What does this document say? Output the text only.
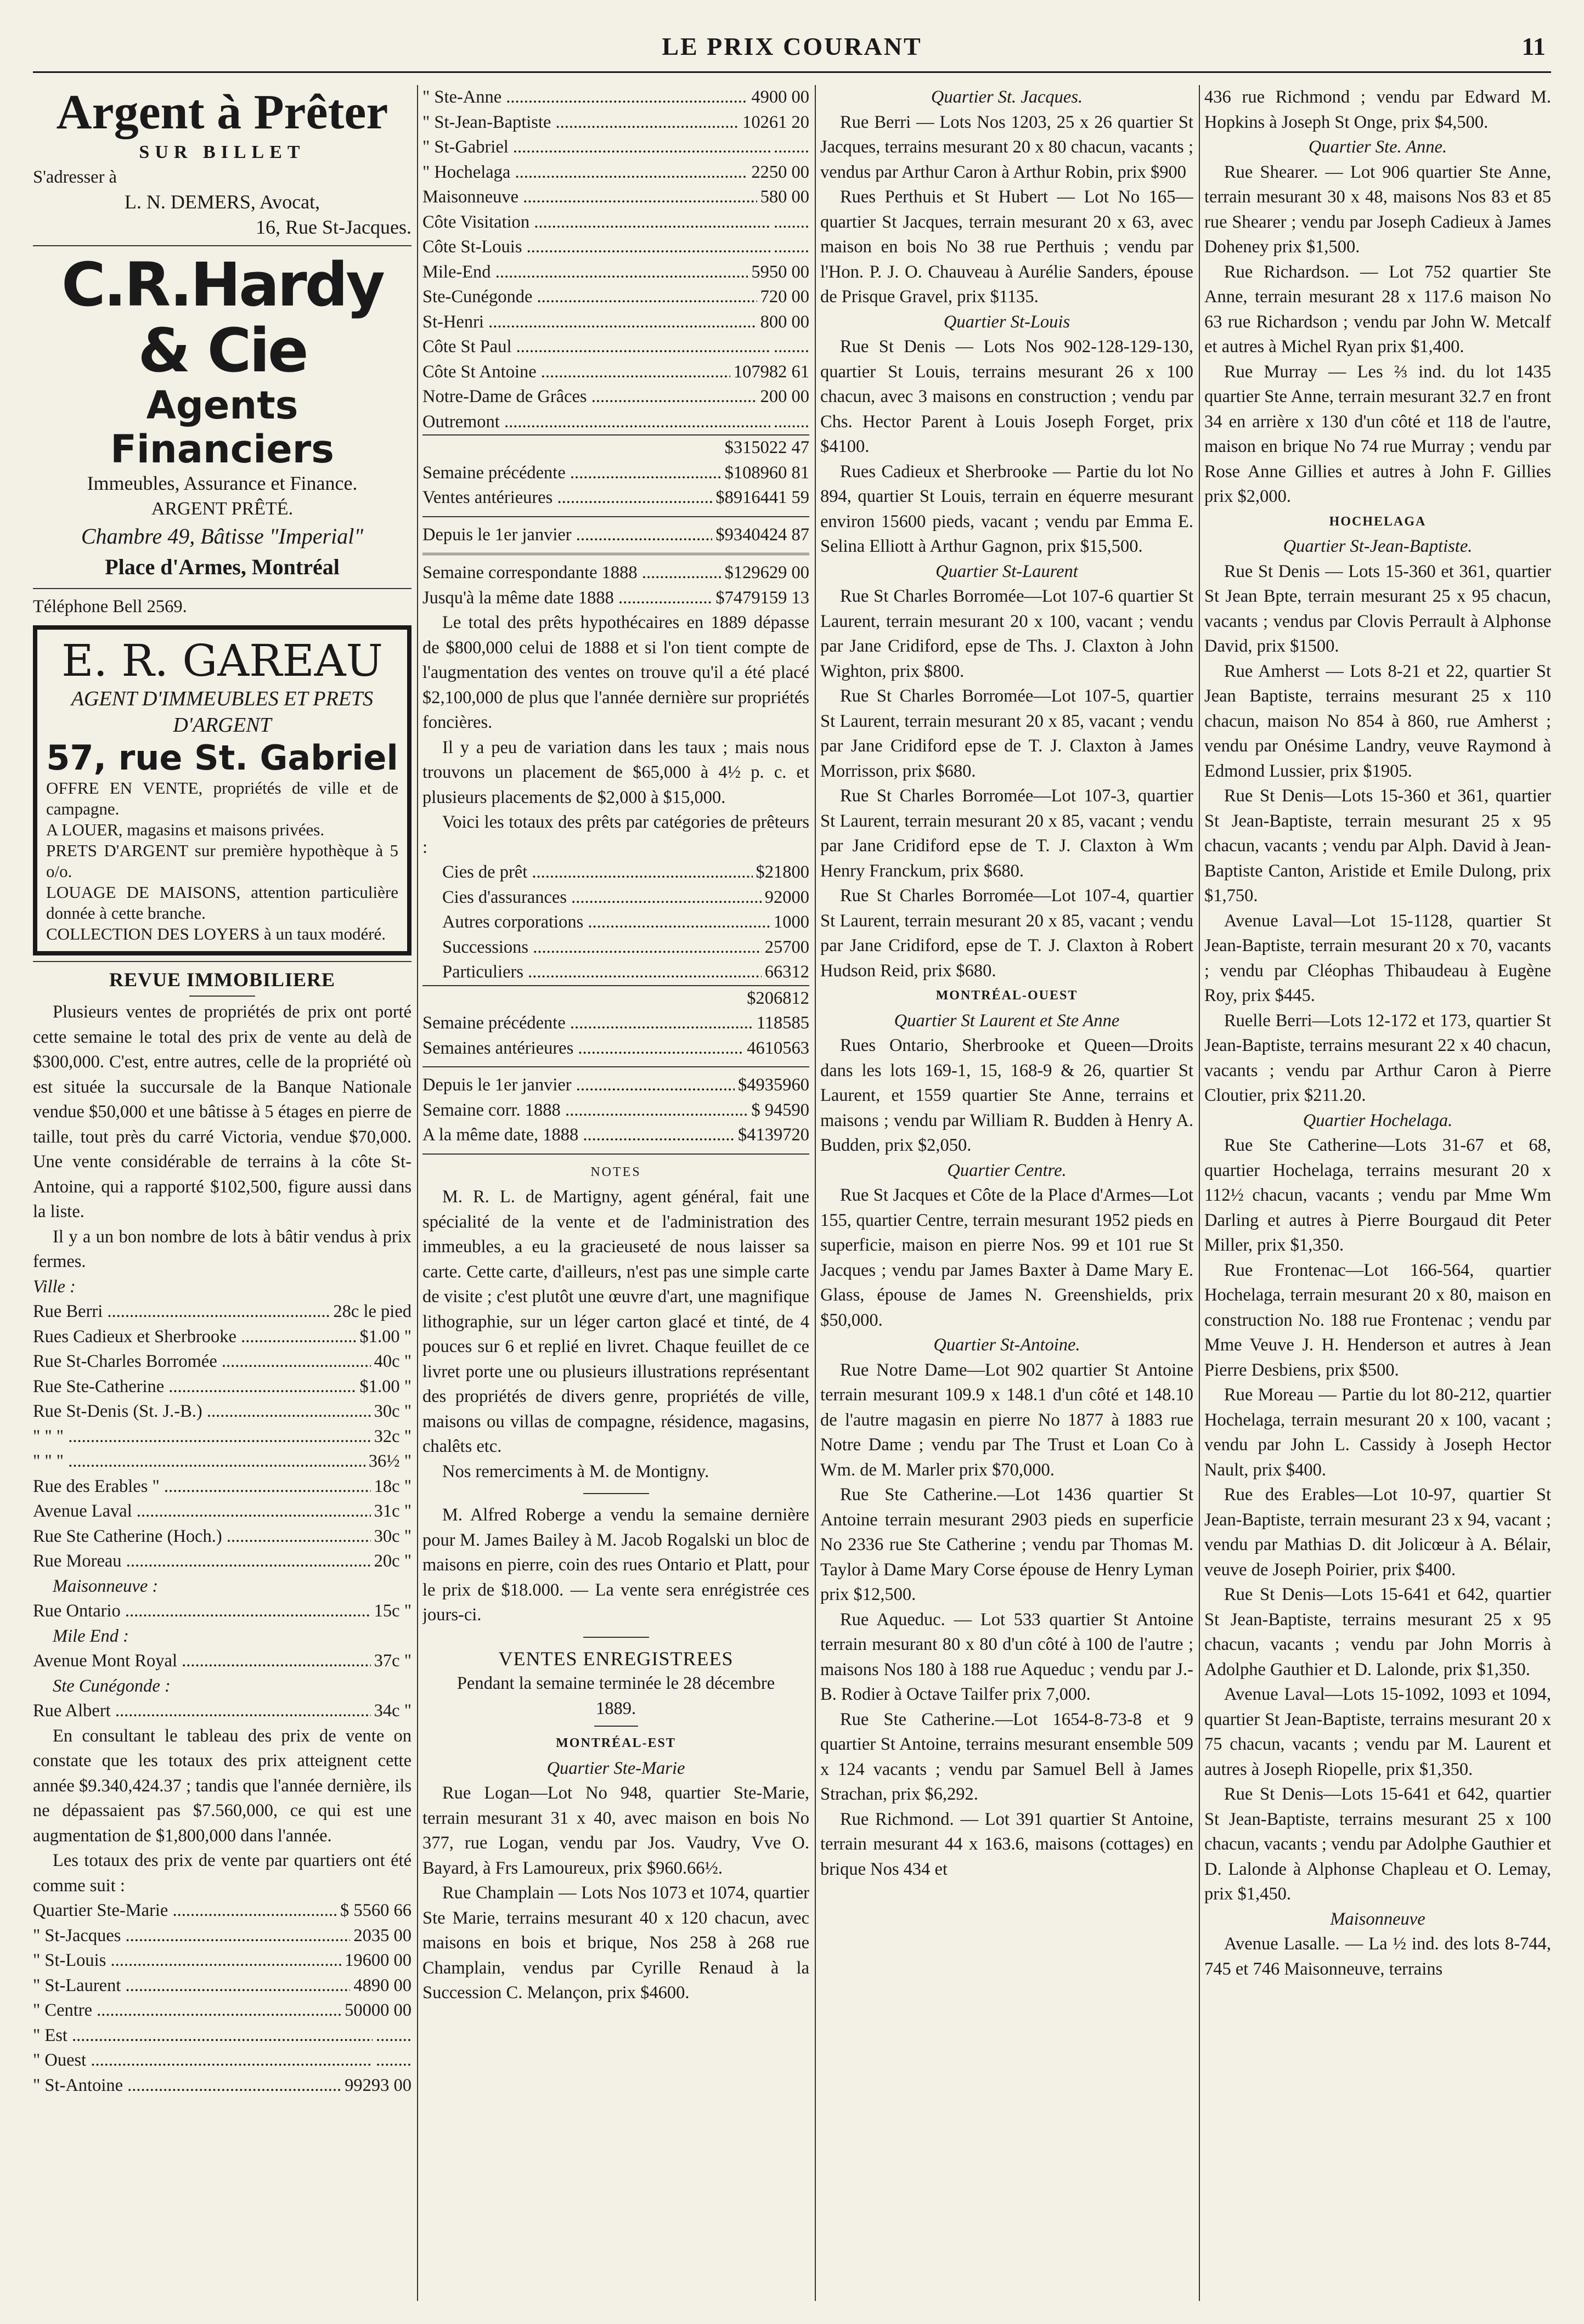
LE PRIX COURANT	11
Argent à Prêter
SUR BILLET
S'adresser à
L. N. DEMERS, Avocat,
16, Rue St-Jacques.
C.R.Hardy & Cie
Agents Financiers
Immeubles, Assurance et Finance.
ARGENT PRÊTÉ.
Chambre 49, Bâtisse "Imperial"
Place d'Armes, Montréal
Téléphone Bell 2569.
E. R. GAREAU
AGENT D'IMMEUBLES ET PRETS D'ARGENT
57, rue St. Gabriel
OFFRE EN VENTE, propriétés de ville et de campagne.
A LOUER, magasins et maisons privées.
PRETS D'ARGENT sur première hypothèque à 5 o/o.
LOUAGE DE MAISONS, attention particulière donnée à cette branche.
COLLECTION DES LOYERS à un taux modéré.
REVUE IMMOBILIERE

Plusieurs ventes de propriétés de prix ont porté cette semaine le total des prix de vente au delà de $300,000. C'est, entre autres, celle de la propriété où est située la succursale de la Banque Nationale vendue $50,000 et une bâtisse à 5 étages en pierre de taille, tout près du carré Victoria, vendue $70,000. Une vente considérable de terrains à la côte St-Antoine, qui a rapporté $102,500, figure aussi dans la liste.

Il y a un bon nombre de lots à bâtir vendus à prix fermes.

Ville :
Rue Berri .....	28c le pied
Rues Cadieux et Sherbrooke .....	$1.00 "
Rue St-Charles Borromée .....	40c "
Rue Ste-Catherine .....	$1.00 "
Rue St-Denis (St. J.-B.) .....	30c "
" " " .....	32c "
" " " .....	36½ "
Rue des Erables " .....	18c "
Avenue Laval .....	31c "
Rue Ste Catherine (Hoch.) .....	30c "
Rue Moreau .....	20c "
Maisonneuve :
Rue Ontario .....	15c "
Mile End :
Avenue Mont Royal .....	37c "
Ste Cunégonde :
Rue Albert .....	34c "

En consultant le tableau des prix de vente on constate que les totaux des prix atteignent cette année $9.340,424.37 ; tandis que l'année dernière, ils ne dépassaient pas $7.560,000, ce qui est une augmentation de $1,800,000 dans l'année.

Les totaux des prix de vente par quartiers ont été comme suit :

Quartier Ste-Marie .....	$ 5560 66
" St-Jacques .....	2035 00
" St-Louis .....	19600 00
" St-Laurent .....	4890 00
" Centre .....	50000 00
" Est .....	........
" Ouest .....	........
" St-Antoine .....	99293 00
" Ste-Anne .....	4900 00
" St-Jean-Baptiste .....	10261 20
" St-Gabriel .....	........
" Hochelaga .....	2250 00
Maisonneuve .....	580 00
Côte Visitation .....	........
Côte St-Louis .....	........
Mile-End .....	5950 00
Ste-Cunégonde .....	720 00
St-Henri .....	800 00
Côte St Paul .....	........
Côte St Antoine .....	107982 61
Notre-Dame de Grâces .....	200 00
Outremont .....	........
$315022 47
Semaine précédente .....	$108960 81
Ventes antérieures .....	$8916441 59
Depuis le 1er janvier .....	$9340424 87
Semaine correspondante 1888 .....	$129629 00
Jusqu'à la même date 1888 .....	$7479159 13

Le total des prêts hypothécaires en 1889 dépasse de $800,000 celui de 1888 et si l'on tient compte de l'augmentation des ventes on trouve qu'il a été placé $2,100,000 de plus que l'année dernière sur propriétés foncières.

Il y a peu de variation dans les taux ; mais nous trouvons un placement de $65,000 à 4½ p. c. et plusieurs placements de $2,000 à $15,000.

Voici les totaux des prêts par catégories de prêteurs :

Cies de prêt .....	$21800
Cies d'assurances .....	92000
Autres corporations .....	1000
Successions .....	25700
Particuliers .....	66312
$206812
Semaine précédente .....	118585
Semaines antérieures .....	4610563
Depuis le 1er janvier .....	$4935960
Semaine corr. 1888 .....	$ 94590
A la même date, 1888 .....	$4139720
NOTES

M. R. L. de Martigny, agent général, fait une spécialité de la vente et de l'administration des immeubles, a eu la gracieuseté de nous laisser sa carte. Cette carte, d'ailleurs, n'est pas une simple carte de visite ; c'est plutôt une œuvre d'art, une magnifique lithographie, sur un léger carton glacé et tinté, de 4 pouces sur 6 et replié en livret. Chaque feuillet de ce livret porte une ou plusieurs illustrations représentant des propriétés de divers genre, propriétés de ville, maisons ou villas de compagne, résidence, magasins, chalêts etc.

Nos remerciments à M. de Montigny.

M. Alfred Roberge a vendu la semaine dernière pour M. James Bailey à M. Jacob Rogalski un bloc de maisons en pierre, coin des rues Ontario et Platt, pour le prix de $18.000. — La vente sera enrégistrée ces jours-ci.

VENTES ENREGISTREES
Pendant la semaine terminée le 28 décembre 1889.
MONTRÉAL-EST
Quartier Ste-Marie

Rue Logan—Lot No 948, quartier Ste-Marie, terrain mesurant 31 x 40, avec maison en bois No 377, rue Logan, vendu par Jos. Vaudry, Vve O. Bayard, à Frs Lamoureux, prix $960.66½.

Rue Champlain — Lots Nos 1073 et 1074, quartier Ste Marie, terrains mesurant 40 x 120 chacun, avec maisons en bois et brique, Nos 258 à 268 rue Champlain, vendus par Cyrille Renaud à la Succession C. Melançon, prix $4600.

Quartier St. Jacques.

Rue Berri — Lots Nos 1203, 25 x 26 quartier St Jacques, terrains mesurant 20 x 80 chacun, vacants ; vendus par Arthur Caron à Arthur Robin, prix $900

Rues Perthuis et St Hubert — Lot No 165—quartier St Jacques, terrain mesurant 20 x 63, avec maison en bois No 38 rue Perthuis ; vendu par l'Hon. P. J. O. Chauveau à Aurélie Sanders, épouse de Prisque Gravel, prix $1135.

Quartier St-Louis

Rue St Denis — Lots Nos 902-128-129-130, quartier St Louis, terrains mesurant 26 x 100 chacun, avec 3 maisons en construction ; vendu par Chs. Hector Parent à Louis Joseph Forget, prix $4100.

Rues Cadieux et Sherbrooke — Partie du lot No 894, quartier St Louis, terrain en équerre mesurant environ 15600 pieds, vacant ; vendu par Emma E. Selina Elliott à Arthur Gagnon, prix $15,500.

Quartier St-Laurent

Rue St Charles Borromée—Lot 107-6 quartier St Laurent, terrain mesurant 20 x 100, vacant ; vendu par Jane Cridiford, epse de Ths. J. Claxton à John Wighton, prix $800.

Rue St Charles Borromée—Lot 107-5, quartier St Laurent, terrain mesurant 20 x 85, vacant ; vendu par Jane Cridiford epse de T. J. Claxton à James Morrisson, prix $680.

Rue St Charles Borromée—Lot 107-3, quartier St Laurent, terrain mesurant 20 x 85, vacant ; vendu par Jane Cridiford epse de T. J. Claxton à Wm Henry Franckum, prix $680.

Rue St Charles Borromée—Lot 107-4, quartier St Laurent, terrain mesurant 20 x 85, vacant ; vendu par Jane Cridiford, epse de T. J. Claxton à Robert Hudson Reid, prix $680.

MONTRÉAL-OUEST
Quartier St Laurent et Ste Anne

Rues Ontario, Sherbrooke et Queen—Droits dans les lots 169-1, 15, 168-9 & 26, quartier St Laurent, et 1559 quartier Ste Anne, terrains et maisons ; vendu par William R. Budden à Henry A. Budden, prix $2,050.

Quartier Centre.

Rue St Jacques et Côte de la Place d'Armes—Lot 155, quartier Centre, terrain mesurant 1952 pieds en superficie, maison en pierre Nos. 99 et 101 rue St Jacques ; vendu par James Baxter à Dame Mary E. Glass, épouse de James N. Greenshields, prix $50,000.

Quartier St-Antoine.

Rue Notre Dame—Lot 902 quartier St Antoine terrain mesurant 109.9 x 148.1 d'un côté et 148.10 de l'autre magasin en pierre No 1877 à 1883 rue Notre Dame ; vendu par The Trust et Loan Co à Wm. de M. Marler prix $70,000.

Rue Ste Catherine.—Lot 1436 quartier St Antoine terrain mesurant 2903 pieds en superficie No 2336 rue Ste Catherine ; vendu par Thomas M. Taylor à Dame Mary Corse épouse de Henry Lyman prix $12,500.

Rue Aqueduc. — Lot 533 quartier St Antoine terrain mesurant 80 x 80 d'un côté à 100 de l'autre ; maisons Nos 180 à 188 rue Aqueduc ; vendu par J.-B. Rodier à Octave Tailfer prix 7,000.

Rue Ste Catherine.—Lot 1654-8-73-8 et 9 quartier St Antoine, terrains mesurant ensemble 509 x 124 vacants ; vendu par Samuel Bell à James Strachan, prix $6,292.

Rue Richmond. — Lot 391 quartier St Antoine, terrain mesurant 44 x 163.6, maisons (cottages) en brique Nos 434 et

436 rue Richmond ; vendu par Edward M. Hopkins à Joseph St Onge, prix $4,500.

Quartier Ste. Anne.

Rue Shearer. — Lot 906 quartier Ste Anne, terrain mesurant 30 x 48, maisons Nos 83 et 85 rue Shearer ; vendu par Joseph Cadieux à James Doheney prix $1,500.

Rue Richardson. — Lot 752 quartier Ste Anne, terrain mesurant 28 x 117.6 maison No 63 rue Richardson ; vendu par John W. Metcalf et autres à Michel Ryan prix $1,400.

Rue Murray — Les ⅔ ind. du lot 1435 quartier Ste Anne, terrain mesurant 32.7 en front 34 en arrière x 130 d'un côté et 118 de l'autre, maison en brique No 74 rue Murray ; vendu par Rose Anne Gillies et autres à John F. Gillies prix $2,000.

HOCHELAGA
Quartier St-Jean-Baptiste.

Rue St Denis — Lots 15-360 et 361, quartier St Jean Bpte, terrain mesurant 25 x 95 chacun, vacants ; vendus par Clovis Perrault à Alphonse David, prix $1500.

Rue Amherst — Lots 8-21 et 22, quartier St Jean Baptiste, terrains mesurant 25 x 110 chacun, maison No 854 à 860, rue Amherst ; vendu par Onésime Landry, veuve Raymond à Edmond Lussier, prix $1905.

Rue St Denis—Lots 15-360 et 361, quartier St Jean-Baptiste, terrain mesurant 25 x 95 chacun, vacants ; vendu par Alph. David à Jean-Baptiste Canton, Aristide et Emile Dulong, prix $1,750.

Avenue Laval—Lot 15-1128, quartier St Jean-Baptiste, terrain mesurant 20 x 70, vacants ; vendu par Cléophas Thibaudeau à Eugène Roy, prix $445.

Ruelle Berri—Lots 12-172 et 173, quartier St Jean-Baptiste, terrains mesurant 22 x 40 chacun, vacants ; vendu par Arthur Caron à Pierre Cloutier, prix $211.20.

Quartier Hochelaga.

Rue Ste Catherine—Lots 31-67 et 68, quartier Hochelaga, terrains mesurant 20 x 112½ chacun, vacants ; vendu par Mme Wm Darling et autres à Pierre Bourgaud dit Peter Miller, prix $1,350.

Rue Frontenac—Lot 166-564, quartier Hochelaga, terrain mesurant 20 x 80, maison en construction No. 188 rue Frontenac ; vendu par Mme Veuve J. H. Henderson et autres à Jean Pierre Desbiens, prix $500.

Rue Moreau — Partie du lot 80-212, quartier Hochelaga, terrain mesurant 20 x 100, vacant ; vendu par John L. Cassidy à Joseph Hector Nault, prix $400.

Rue des Erables—Lot 10-97, quartier St Jean-Baptiste, terrain mesurant 23 x 94, vacant ; vendu par Mathias D. dit Jolicœur à A. Bélair, veuve de Joseph Poirier, prix $400.

Rue St Denis—Lots 15-641 et 642, quartier St Jean-Baptiste, terrains mesurant 25 x 95 chacun, vacants ; vendu par John Morris à Adolphe Gauthier et D. Lalonde, prix $1,350.

Avenue Laval—Lots 15-1092, 1093 et 1094, quartier St Jean-Baptiste, terrains mesurant 20 x 75 chacun, vacants ; vendu par M. Laurent et autres à Joseph Riopelle, prix $1,350.

Rue St Denis—Lots 15-641 et 642, quartier St Jean-Baptiste, terrains mesurant 25 x 100 chacun, vacants ; vendu par Adolphe Gauthier et D. Lalonde à Alphonse Chapleau et O. Lemay, prix $1,450.

Maisonneuve

Avenue Lasalle. — La ½ ind. des lots 8-744, 745 et 746 Maisonneuve, terrains
